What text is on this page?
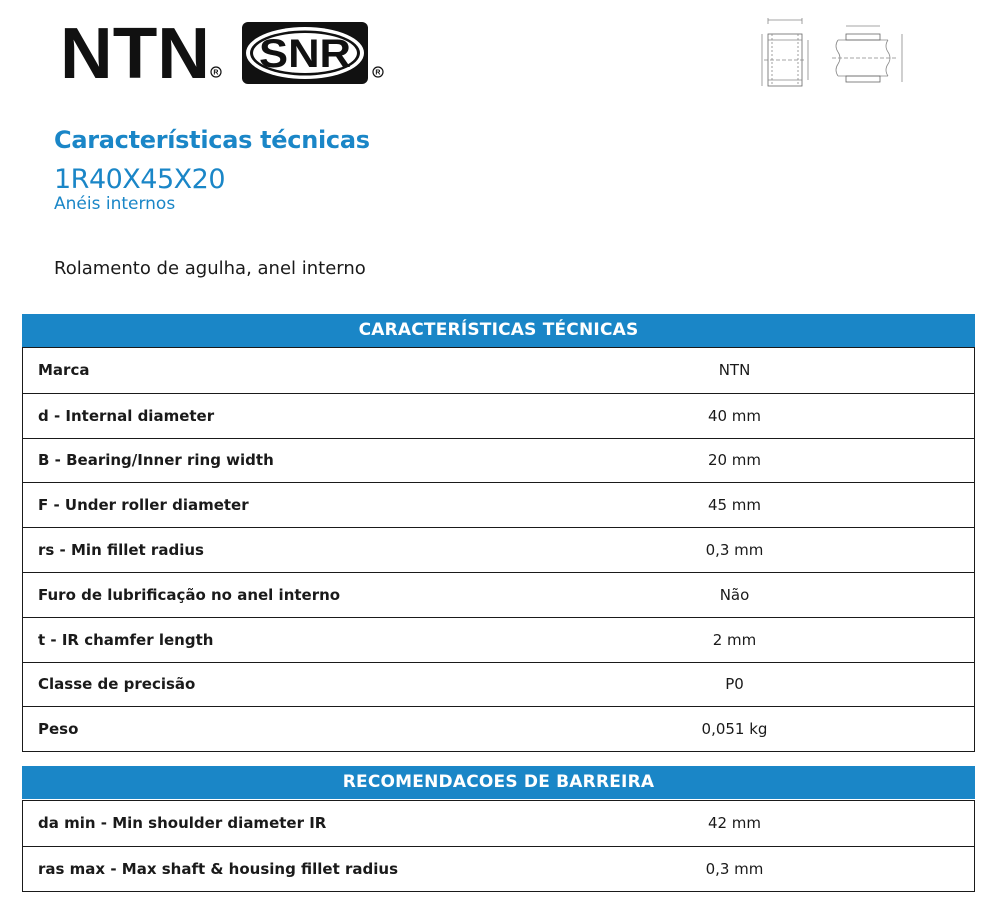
NTN R SNR	R
Características técnicas
1R40X45X20
Anéis internos
Rolamento de agulha, anel interno
CARACTERÍSTICAS TÉCNICAS
Marca	NTN
d - Internal diameter	40 mm
B - Bearing/Inner ring width	20 mm
F - Under roller diameter	45 mm
rs - Min fillet radius	0,3 mm
Furo de lubrificação no anel interno	Não
t - IR chamfer length	2 mm
Classe de precisão	P0
Peso	0,051 kg
RECOMENDACOES DE BARREIRA
da min - Min shoulder diameter IR	42 mm
ras max - Max shaft & housing fillet radius	0,3 mm
